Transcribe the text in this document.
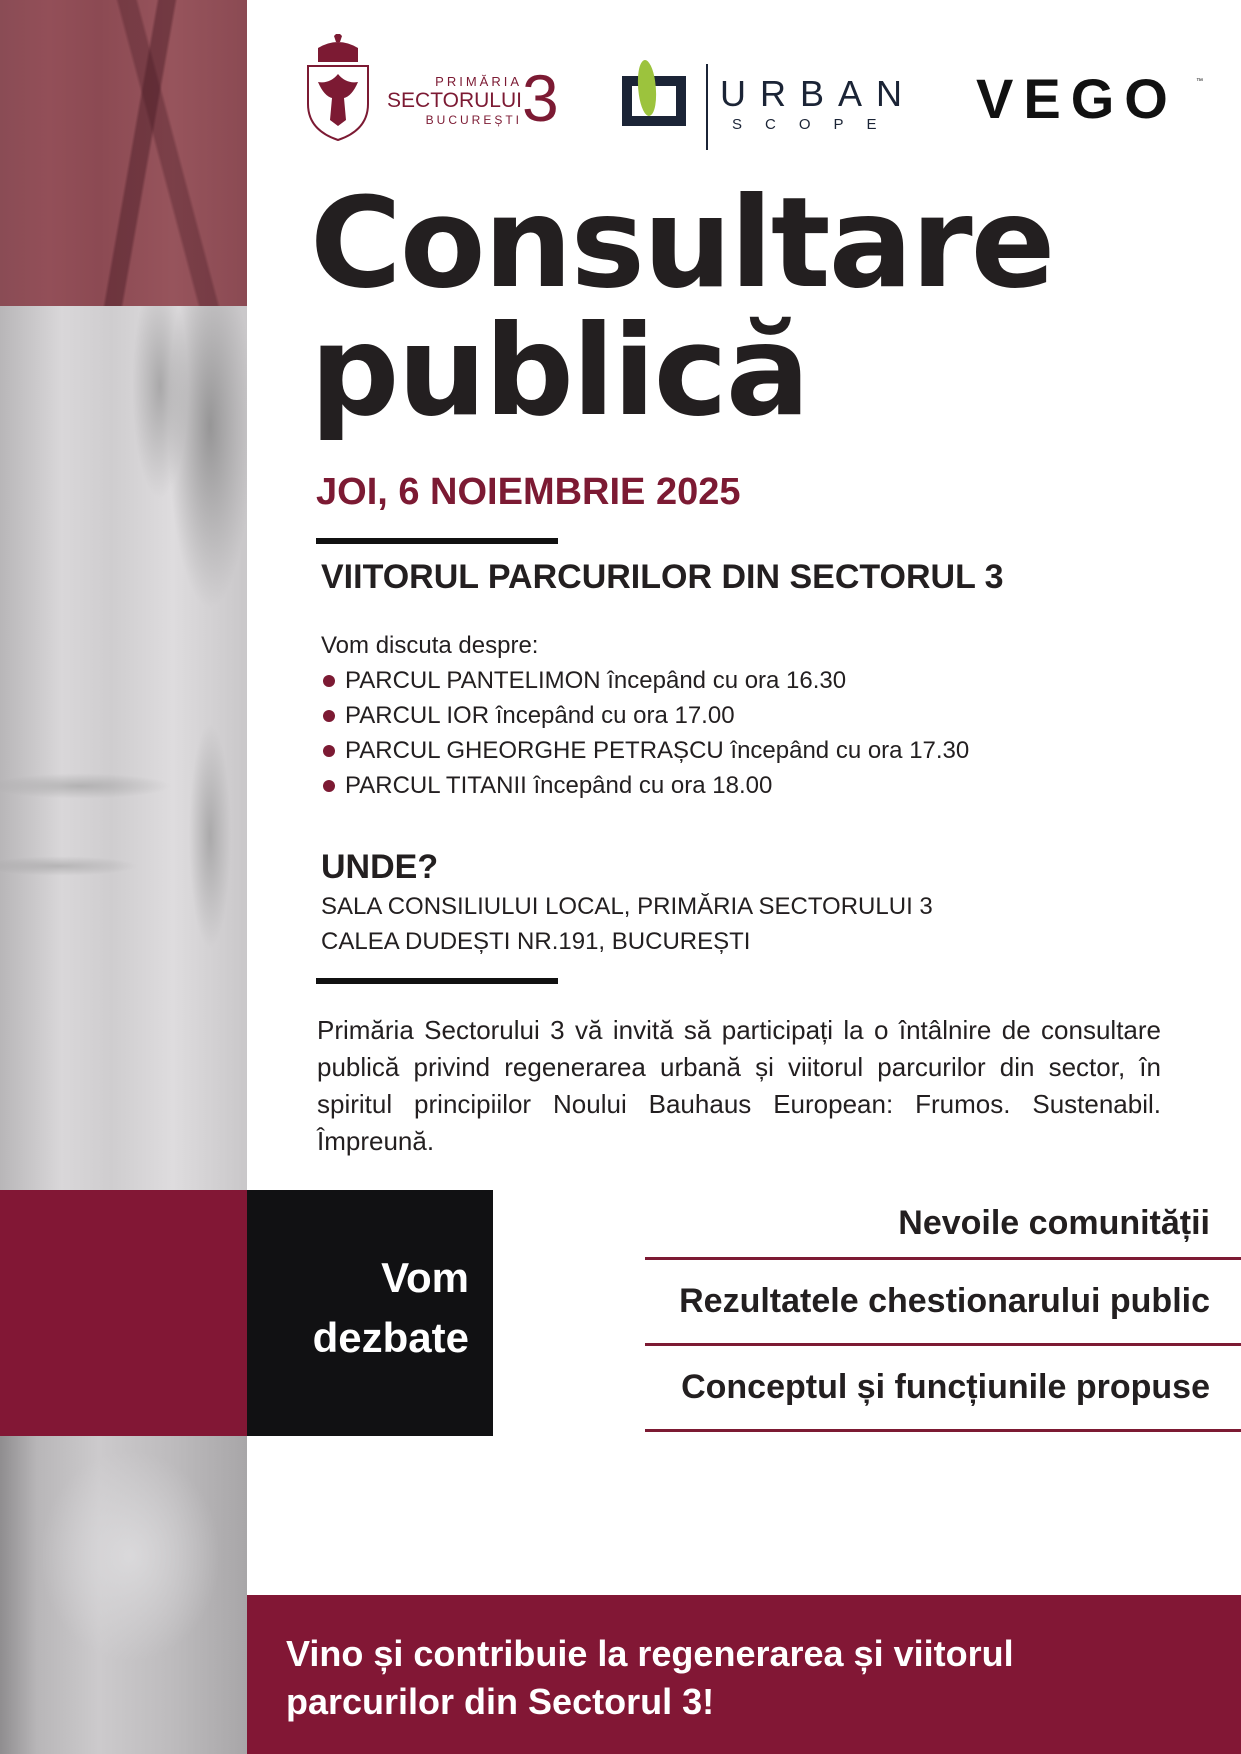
PRIMĂRIA
SECTORULUI
BUCUREȘTI 3	URBAN
SCOPE VEGO	™
Consultare
publică
JOI, 6 NOIEMBRIE 2025
VIITORUL PARCURILOR DIN SECTORUL 3
Vom discuta despre:
PARCUL PANTELIMON începând cu ora 16.30
PARCUL IOR începând cu ora 17.00
PARCUL GHEORGHE PETRAȘCU începând cu ora 17.30
PARCUL TITANII începând cu ora 18.00
UNDE?
SALA CONSILIULUI LOCAL, PRIMĂRIA SECTORULUI 3
CALEA DUDEȘTI NR.191, BUCUREȘTI
Primăria Sectorului 3 vă invită să participați la o întâlnire de consultare publică privind regenerarea urbană și viitorul parcurilor din sector, în spiritul principiilor Noului Bauhaus European: Frumos. Sustenabil. Împreună.
Vom
dezbate
Nevoile comunității
Rezultatele chestionarului public
Conceptul și funcțiunile propuse
Vino și contribuie la regenerarea și viitorul
parcurilor din Sectorul 3!
